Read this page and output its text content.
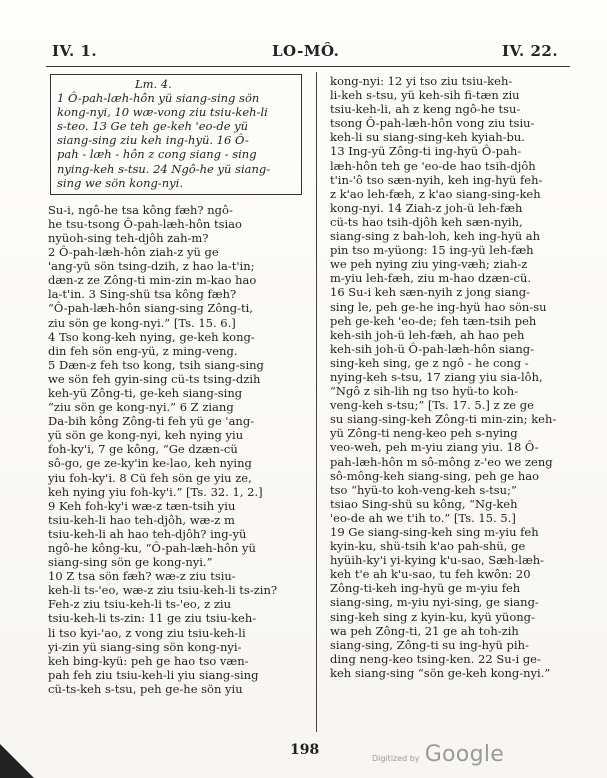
IV. 1.	LO-MÔ.	IV. 22.
Lm. 4.
1 Ô-pah-læh-hôn yü siang-sing sön
kong-nyi, 10 wæ-vong ziu tsiu-keh-li
s-teo. 13 Ge teh ge-keh 'eo-de yü
siang-sing ziu keh ing-hyü. 16 Ô-
pah - læh - hôn z cong siang - sing
nying-keh s-tsu. 24 Ngô-he yü siang-
sing we sön kong-nyi.
Su-i, ngô-he tsa kông fæh? ngô-
he tsu-tsong Ô-pah-læh-hôn tsiao
nyüoh-sing teh-djôh zah-m?
2 Ô-pah-læh-hôn ziah-z yü ge
'ang-yü sön tsing-dzih, z hao la-t'in;
dæn-z ze Zông-ti min-zin m-kao hao
la-t'in. 3 Sing-shü tsa kông fæh?
“Ô-pah-læh-hôn siang-sing Zông-ti,
ziu sön ge kong-nyi.” [Ts. 15. 6.]
4 Tso kong-keh nying, ge-keh kong-
din feh sön eng-yü, z ming-veng.
5 Dæn-z feh tso kong, tsih siang-sing
we sön feh gyin-sing cü-ts tsing-dzih
keh-yü Zông-ti, ge-keh siang-sing
“ziu sön ge kong-nyi.” 6 Z ziang
Da-bih kông Zông-ti feh yü ge 'ang-
yü sön ge kong-nyi, keh nying yiu
foh-ky'i, 7 ge kông, “Ge dzæn-cü
sô-go, ge ze-ky'in ke-lao, keh nying
yiu foh-ky'i. 8 Cü feh sön ge yiu ze,
keh nying yiu foh-ky'i.” [Ts. 32. 1, 2.]
9 Keh foh-ky'i wæ-z tæn-tsih yiu
tsiu-keh-li hao teh-djôh, wæ-z m
tsiu-keh-li ah hao teh-djôh? ing-yü
ngô-he kông-ku, “Ô-pah-læh-hôn yü
siang-sing sön ge kong-nyi.”
10 Z tsa sön fæh? wæ-z ziu tsiu-
keh-li ts-'eo, wæ-z ziu tsiu-keh-li ts-zin?
Feh-z ziu tsiu-keh-li ts-'eo, z ziu
tsiu-keh-li ts-zin: 11 ge ziu tsiu-keh-
li tso kyi-'ao, z vong ziu tsiu-keh-li
yi-zin yü siang-sing sön kong-nyi-
keh bing-kyü: peh ge hao tso væn-
pah feh ziu tsiu-keh-li yiu siang-sing
cü-ts-keh s-tsu, peh ge-he sön yiu
kong-nyi: 12 yi tso ziu tsiu-keh-
li-keh s-tsu, yü keh-sih fi-tæn ziu
tsiu-keh-li, ah z keng ngô-he tsu-
tsong Ô-pah-læh-hôn vong ziu tsiu-
keh-li su siang-sing-keh kyiah-bu.
13 Ing-yü Zông-ti ing-hyü Ô-pah-
læh-hôn teh ge 'eo-de hao tsih-djôh
t'in-'ô tso sæn-nyih, keh ing-hyü feh-
z k'ao leh-fæh, z k'ao siang-sing-keh
kong-nyi. 14 Ziah-z joh-ü leh-fæh
cü-ts hao tsih-djôh keh sæn-nyih,
siang-sing z bah-loh, keh ing-hyü ah
pin tso m-yüong: 15 ing-yü leh-fæh
we peh nying ziu ying-væh; ziah-z
m-yiu leh-fæh, ziu m-hao dzæn-cü.
16 Su-i keh sæn-nyih z jong siang-
sing le, peh ge-he ing-hyü hao sön-su
peh ge-keh 'eo-de; feh tæn-tsih peh
keh-sih joh-ü leh-fæh, ah hao peh
keh-sih joh-ü Ô-pah-læh-hôn siang-
sing-keh sing, ge z ngô - he cong -
nying-keh s-tsu, 17 ziang yiu sia-lôh,
“Ngô z sih-lih ng tso hyü-to koh-
veng-keh s-tsu;” [Ts. 17. 5.] z ze ge
su siang-sing-keh Zông-ti min-zin; keh-
yü Zông-ti neng-keo peh s-nying
veo-weh, peh m-yiu ziang yiu. 18 Ô-
pah-læh-hôn m sô-mông z-'eo we zeng
sô-mông-keh siang-sing, peh ge hao
tso “hyü-to koh-veng-keh s-tsu;”
tsiao Sing-shü su kông, “Ng-keh
'eo-de ah we t'ih to.” [Ts. 15. 5.]
19 Ge siang-sing-keh sing m-yiu feh
kyin-ku, shü-tsih k'ao pah-shü, ge
hyüih-ky'i yi-kying k'u-sao, Sæh-læh-
keh t'e ah k'u-sao, tu feh kwôn: 20
Zông-ti-keh ing-hyü ge m-yiu feh
siang-sing, m-yiu nyi-sing, ge siang-
sing-keh sing z kyin-ku, kyü yüong-
wa peh Zông-ti, 21 ge ah toh-zih
siang-sing, Zông-ti su ing-hyü pih-
ding neng-keo tsing-ken. 22 Su-i ge-
keh siang-sing “sön ge-keh kong-nyi.”
198
Digitized by Google
